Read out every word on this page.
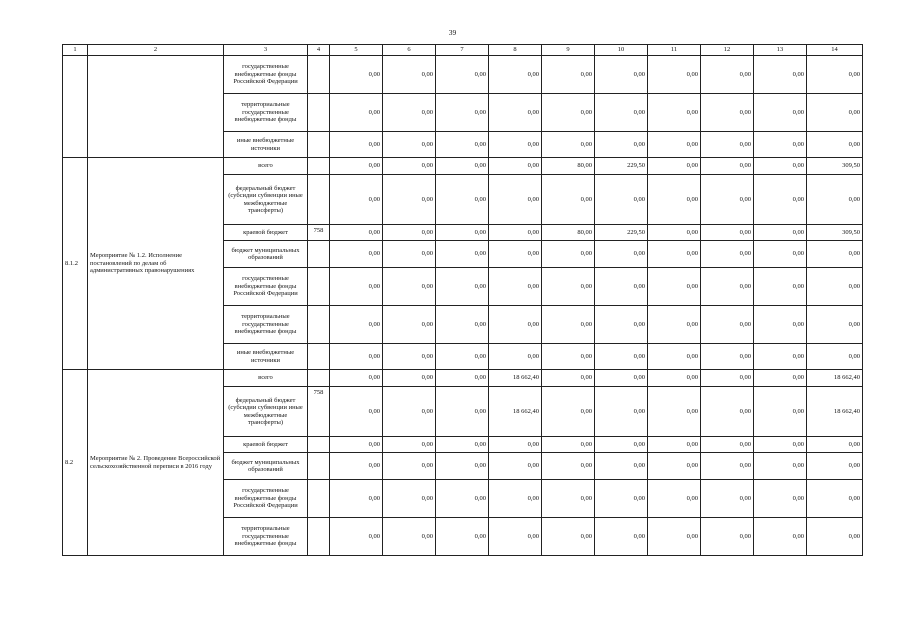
39
1	2	3	4	5	6	7	8	9	10	11	12	13	14
		государственные внебюджетные фонды Российской Федерации		0,00	0,00	0,00	0,00	0,00	0,00	0,00	0,00	0,00	0,00
		территориальные государственные внебюджетные фонды		0,00	0,00	0,00	0,00	0,00	0,00	0,00	0,00	0,00	0,00
		иные внебюджетные источники		0,00	0,00	0,00	0,00	0,00	0,00	0,00	0,00	0,00	0,00
8.1.2	Мероприятие № 1.2. Исполнение постановлений по делам об административных правонарушениях	всего		0,00	0,00	0,00	0,00	80,00	229,50	0,00	0,00	0,00	309,50
		федеральный бюджет (субсидии субвенции иные межбюджетные трансферты)		0,00	0,00	0,00	0,00	0,00	0,00	0,00	0,00	0,00	0,00
		краевой бюджет	758	0,00	0,00	0,00	0,00	80,00	229,50	0,00	0,00	0,00	309,50
		бюджет муниципальных образований		0,00	0,00	0,00	0,00	0,00	0,00	0,00	0,00	0,00	0,00
		государственные внебюджетные фонды Российской Федерации		0,00	0,00	0,00	0,00	0,00	0,00	0,00	0,00	0,00	0,00
		территориальные государственные внебюджетные фонды		0,00	0,00	0,00	0,00	0,00	0,00	0,00	0,00	0,00	0,00
		иные внебюджетные источники		0,00	0,00	0,00	0,00	0,00	0,00	0,00	0,00	0,00	0,00
8.2	Мероприятие № 2. Проведение Всероссийской сельскохозяйственной переписи в 2016 году	всего		0,00	0,00	0,00	18 662,40	0,00	0,00	0,00	0,00	0,00	18 662,40
		федеральный бюджет (субсидии субвенции иные межбюджетные трансферты)	758	0,00	0,00	0,00	18 662,40	0,00	0,00	0,00	0,00	0,00	18 662,40
		краевой бюджет		0,00	0,00	0,00	0,00	0,00	0,00	0,00	0,00	0,00	0,00
		бюджет муниципальных образований		0,00	0,00	0,00	0,00	0,00	0,00	0,00	0,00	0,00	0,00
		государственные внебюджетные фонды Российской Федерации		0,00	0,00	0,00	0,00	0,00	0,00	0,00	0,00	0,00	0,00
		территориальные государственные внебюджетные фонды		0,00	0,00	0,00	0,00	0,00	0,00	0,00	0,00	0,00	0,00
